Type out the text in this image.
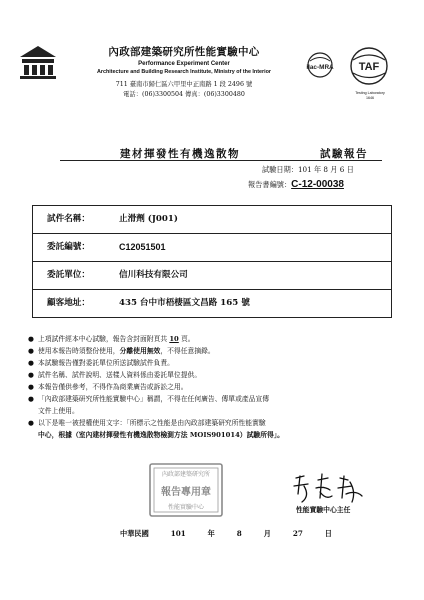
內政部建築研究所性能實驗中心
Performance Experiment Center
Architecture and Building Research Institute, Ministry of the Interior
711 臺南市歸仁區六甲里中正南路 1 段 2496 號
電話：(06)3300504 傳真：(06)3300480
ilac-MRA TAF
Testing Laboratory
1646
建材揮發性有機逸散物	試驗報告
試驗日期：101 年 8 月 6 日
報告書編號：C-12-00038
試件名稱：	止滑劑 (J001)
委託編號：	C12051501
委託單位：	信川科技有限公司
顧客地址：	435 台中市梧棲區文昌路 165 號
● 上項試件經本中心試驗，報告含封面附頁共 10 頁。
● 使用本報告時須整份使用，分離使用無效，不得任意摘錄。
● 本試驗報告僅對委託單位所送試驗試件負責。
● 試件名稱、試件說明、送樣人資料係由委託單位提供。
● 本報告僅供參考，不得作為商業廣告或訴訟之用。
● 「內政部建築研究所性能實驗中心」稱謂，不得在任何廣告、傳單或產品宣傳
文件上使用。
● 以下是唯一被授權使用文字：「所標示之性能是由內政部建築研究所性能實驗
中心，根據（室內建材揮發性有機逸散物檢測方法 MOIS901014）試驗所得」。
內政部建築研究所
報告專用章
性能實驗中心	性能實驗中心主任
中華民國	101	年	8	月	27	日
